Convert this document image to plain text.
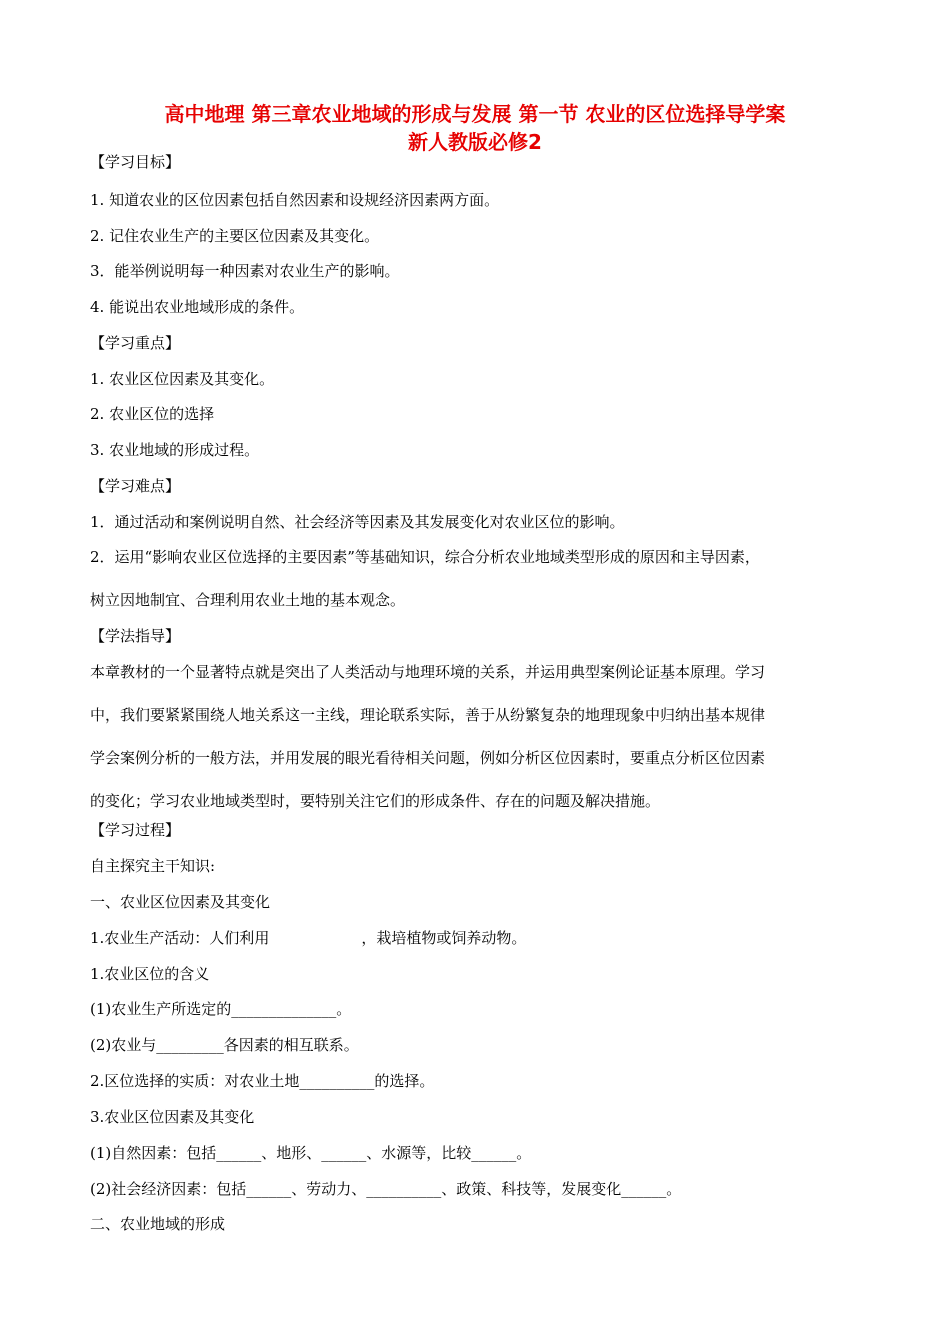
高中地理 第三章农业地域的形成与发展 第一节 农业的区位选择导学案
新人教版必修2
【学习目标】
1. 知道农业的区位因素包括自然因素和设规经济因素两方面。
2. 记住农业生产的主要区位因素及其变化。
3．能举例说明每一种因素对农业生产的影响。
4. 能说出农业地域形成的条件。
【学习重点】
1. 农业区位因素及其变化。
2. 农业区位的选择
3. 农业地域的形成过程。
【学习难点】
1．通过活动和案例说明自然、社会经济等因素及其发展变化对农业区位的影响。
2．运用“影响农业区位选择的主要因素”等基础知识，综合分析农业地域类型形成的原因和主导因素，
树立因地制宜、合理利用农业土地的基本观念。
【学法指导】
本章教材的一个显著特点就是突出了人类活动与地理环境的关系，并运用典型案例论证基本原理。学习
中，我们要紧紧围绕人地关系这一主线，理论联系实际，善于从纷繁复杂的地理现象中归纳出基本规律
学会案例分析的一般方法，并用发展的眼光看待相关问题，例如分析区位因素时，要重点分析区位因素
的变化；学习农业地域类型时，要特别关注它们的形成条件、存在的问题及解决措施。
【学习过程】
自主探究主干知识:
一、农业区位因素及其变化
1.农业生产活动：人们利用	，栽培植物或饲养动物。
1.农业区位的含义
(1)农业生产所选定的______________。
(2)农业与_________各因素的相互联系。
2.区位选择的实质：对农业土地__________的选择。
3.农业区位因素及其变化
(1)自然因素：包括______、地形、______、水源等，比较______。
(2)社会经济因素：包括______、劳动力、__________、政策、科技等，发展变化______。
二、农业地域的形成
